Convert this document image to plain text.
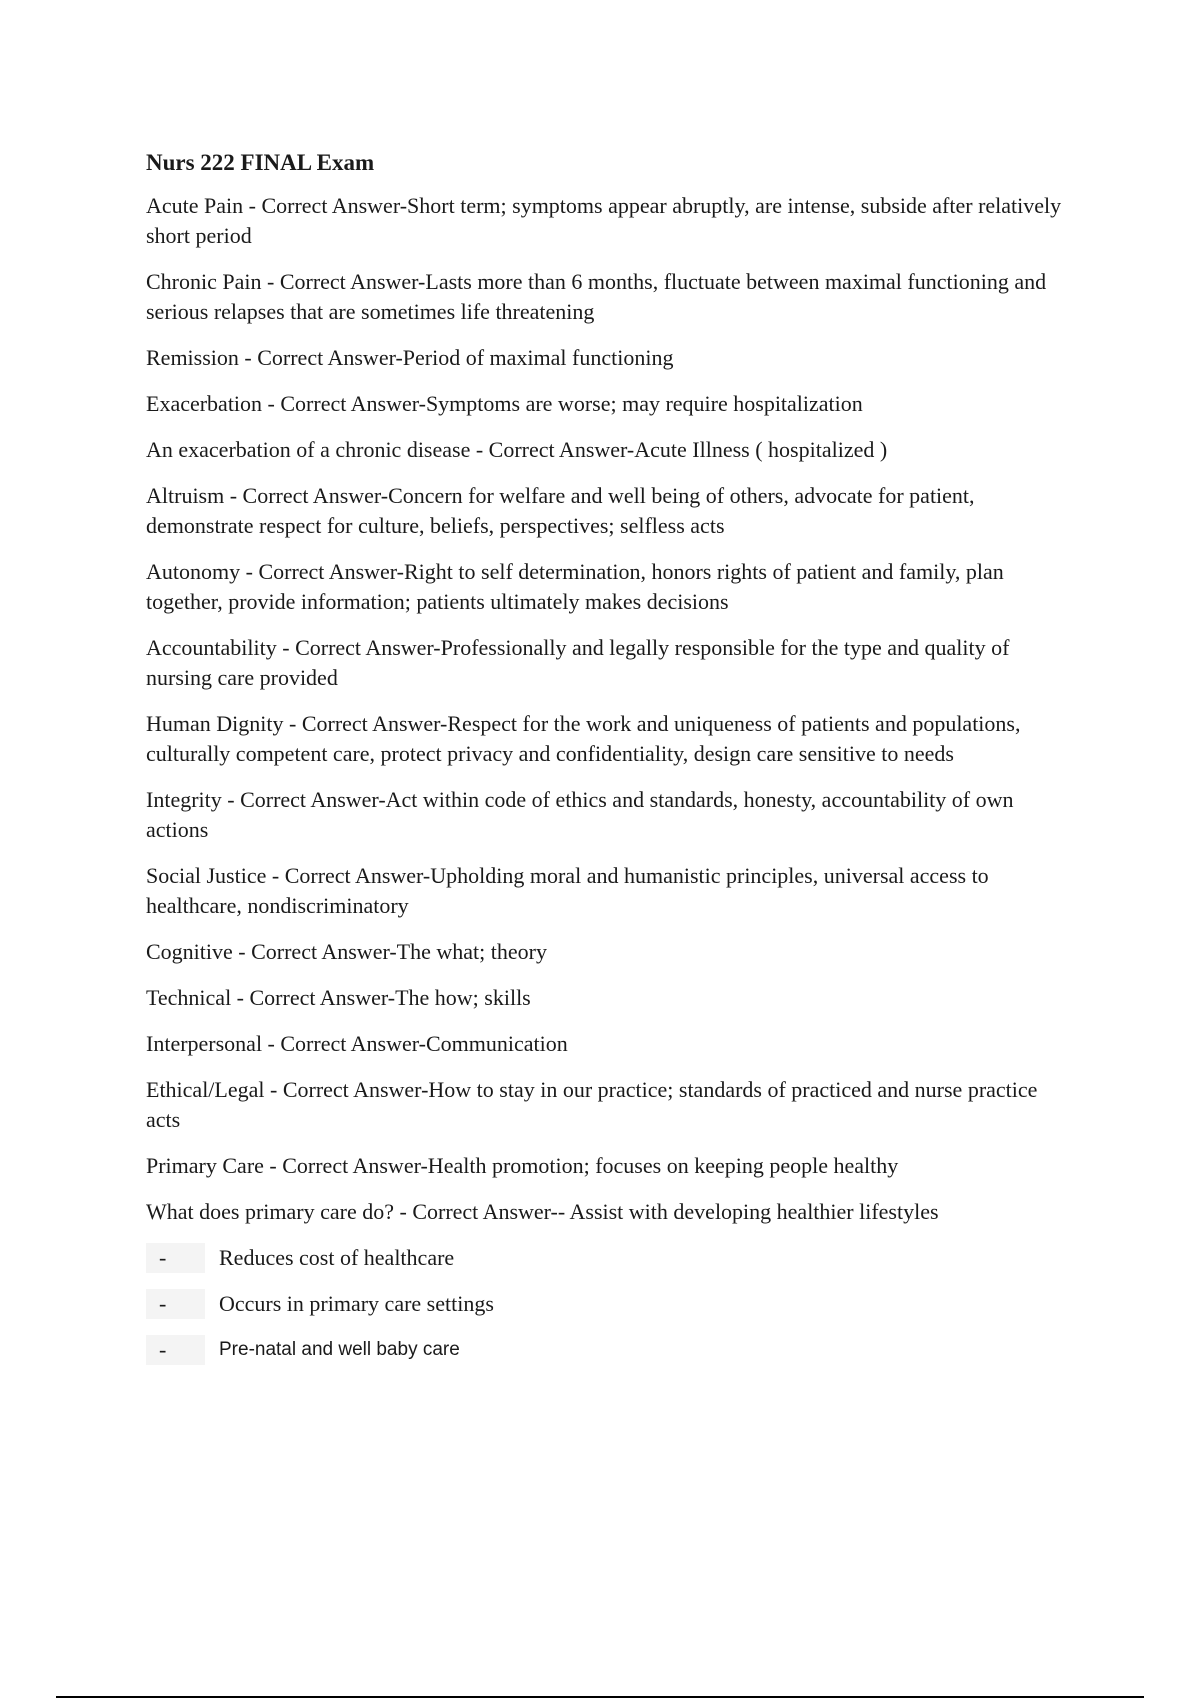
Nurs 222 FINAL Exam

Acute Pain - Correct Answer-Short term; symptoms appear abruptly, are intense, subside after relatively short period

Chronic Pain - Correct Answer-Lasts more than 6 months, fluctuate between maximal functioning and serious relapses that are sometimes life threatening

Remission - Correct Answer-Period of maximal functioning

Exacerbation - Correct Answer-Symptoms are worse; may require hospitalization

An exacerbation of a chronic disease - Correct Answer-Acute Illness ( hospitalized )

Altruism - Correct Answer-Concern for welfare and well being of others, advocate for patient, demonstrate respect for culture, beliefs, perspectives; selfless acts

Autonomy - Correct Answer-Right to self determination, honors rights of patient and family, plan together, provide information; patients ultimately makes decisions

Accountability - Correct Answer-Professionally and legally responsible for the type and quality of nursing care provided

Human Dignity - Correct Answer-Respect for the work and uniqueness of patients and populations, culturally competent care, protect privacy and confidentiality, design care sensitive to needs

Integrity - Correct Answer-Act within code of ethics and standards, honesty, accountability of own actions

Social Justice - Correct Answer-Upholding moral and humanistic principles, universal access to healthcare, nondiscriminatory

Cognitive - Correct Answer-The what; theory

Technical - Correct Answer-The how; skills

Interpersonal - Correct Answer-Communication

Ethical/Legal - Correct Answer-How to stay in our practice; standards of practiced and nurse practice acts

Primary Care - Correct Answer-Health promotion; focuses on keeping people healthy

What does primary care do? - Correct Answer-- Assist with developing healthier lifestyles

-	Reduces cost of healthcare
-	Occurs in primary care settings
-	Pre-natal and well baby care
